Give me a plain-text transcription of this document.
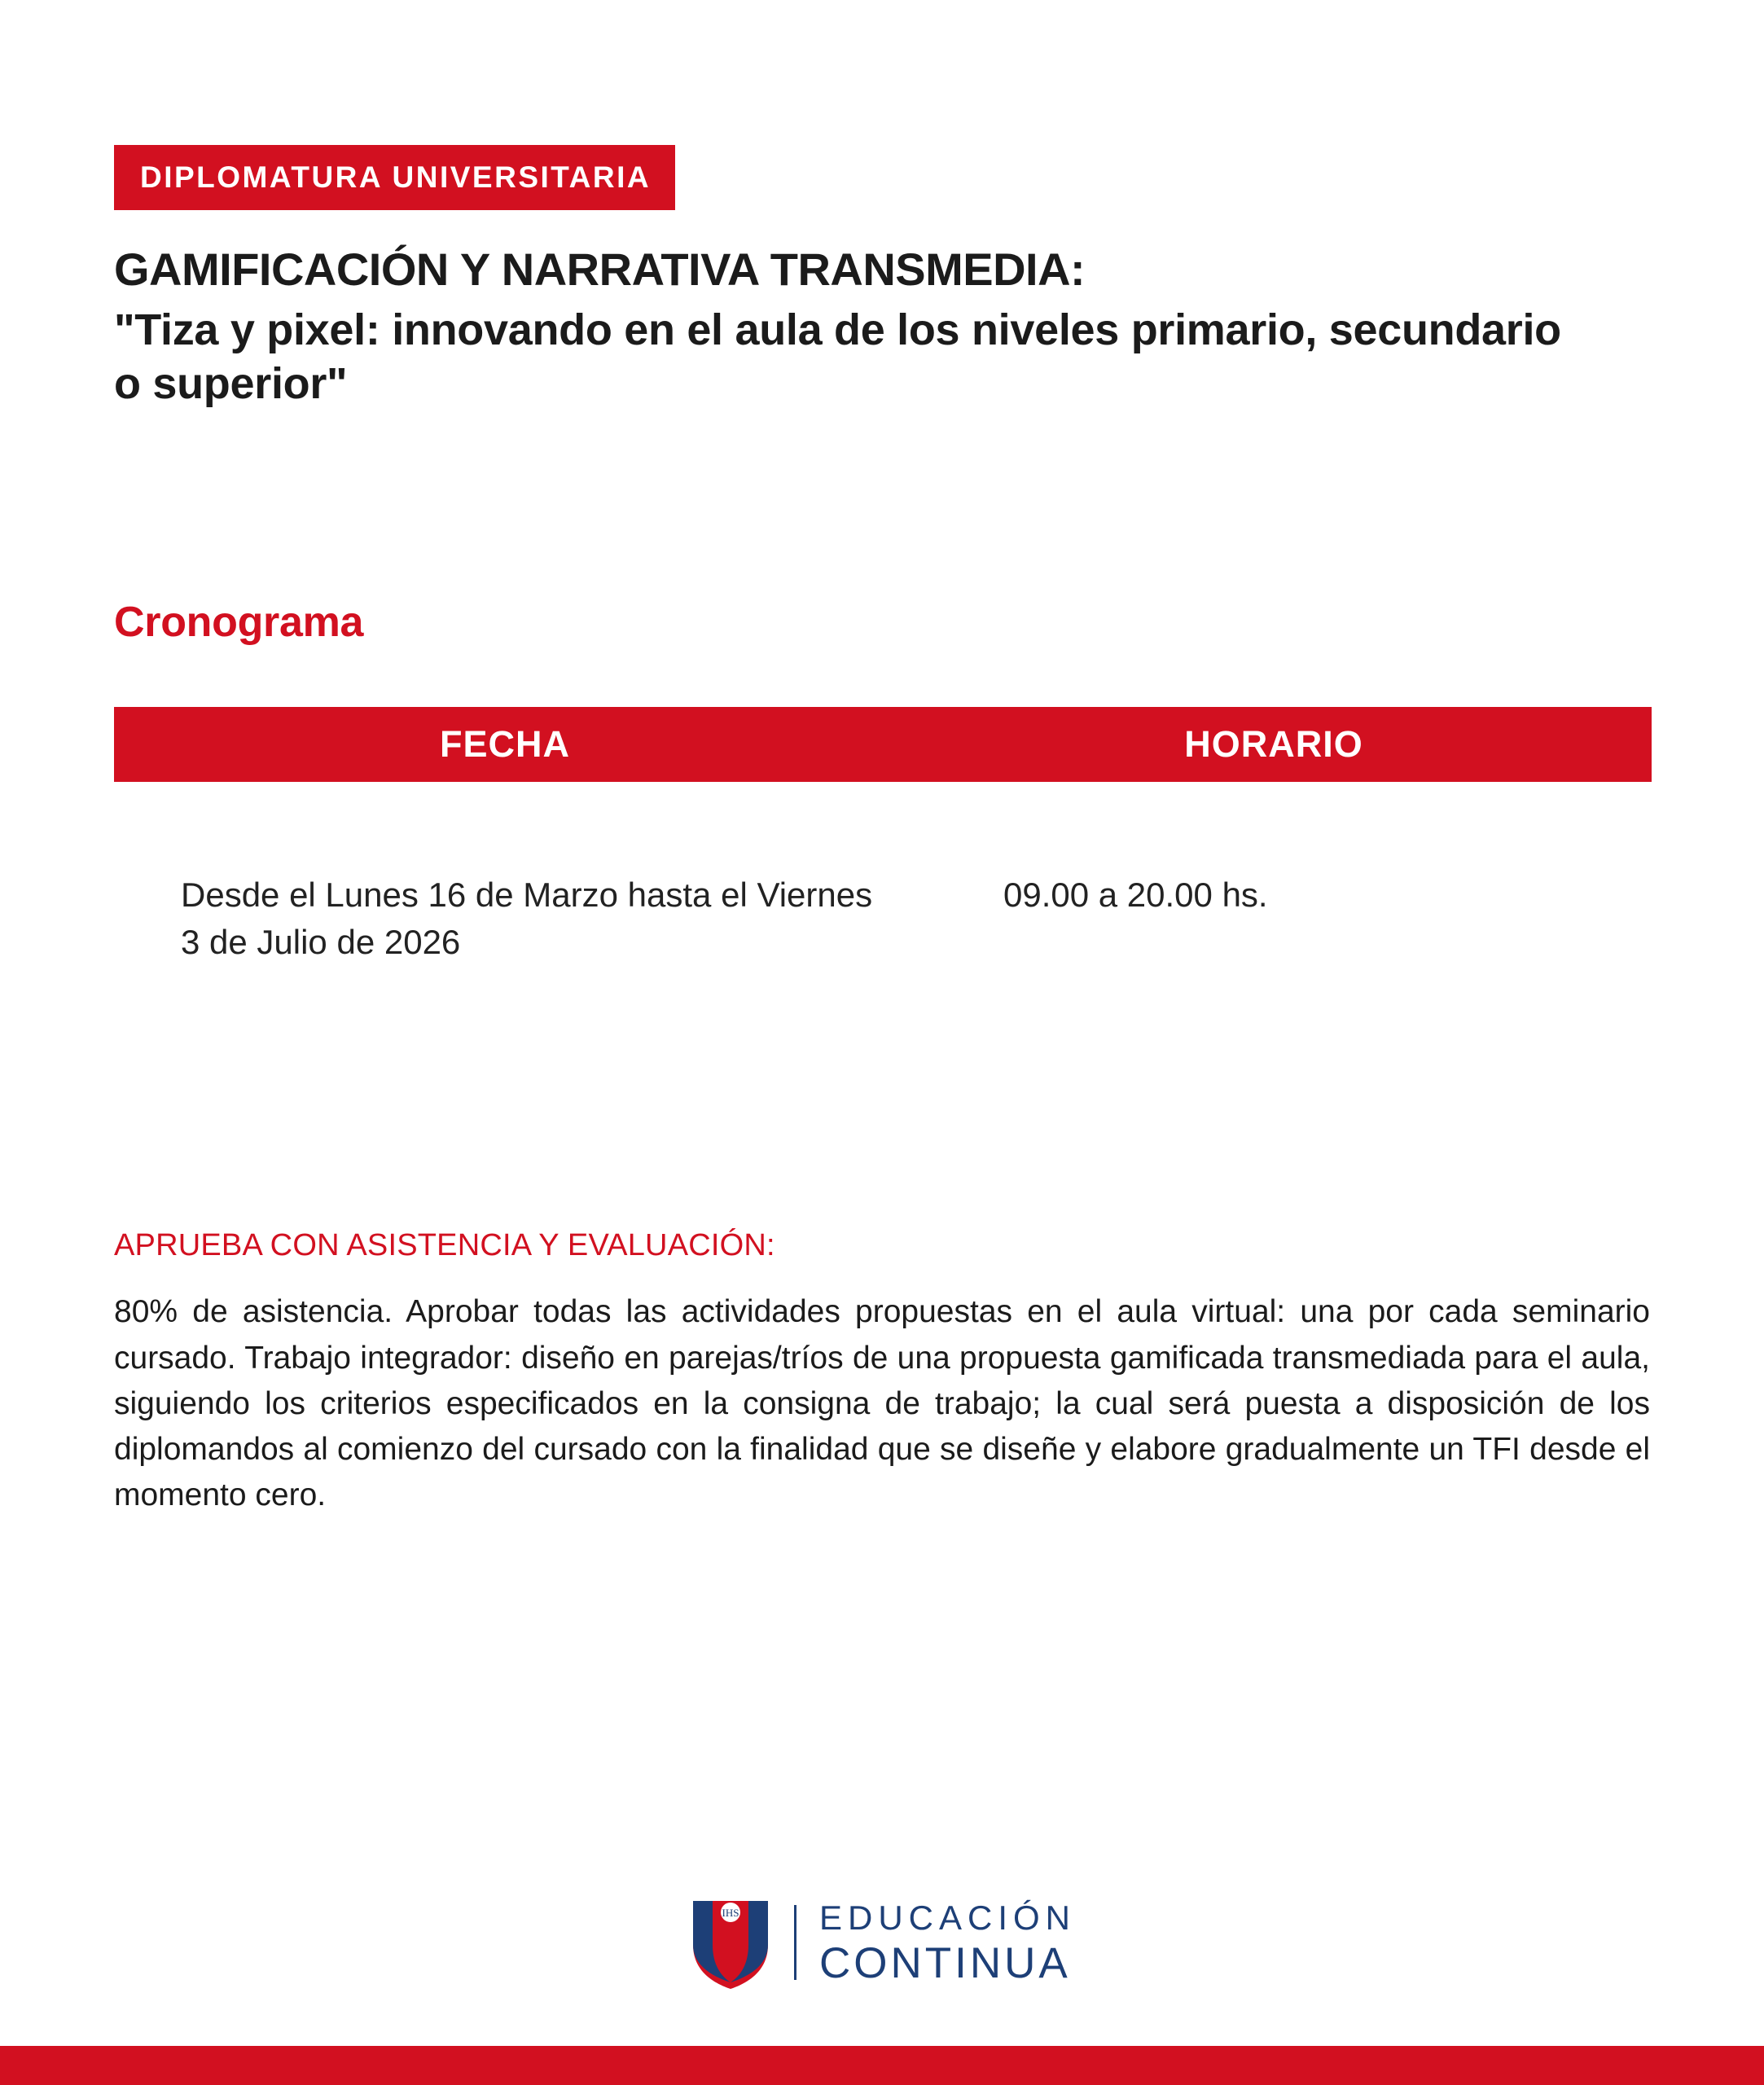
DIPLOMATURA UNIVERSITARIA
GAMIFICACIÓN Y NARRATIVA TRANSMEDIA:
"Tiza y pixel: innovando en el aula de los niveles primario, secundario o superior"
Cronograma
FECHA	HORARIO
Desde el Lunes 16 de Marzo hasta el Viernes 3 de Julio de 2026
09.00 a 20.00 hs.
APRUEBA CON ASISTENCIA Y EVALUACIÓN:

80% de asistencia. Aprobar todas las actividades propuestas en el aula virtual: una por cada seminario cursado. Trabajo integrador: diseño en parejas/tríos de una propuesta gamificada transmediada para el aula, siguiendo los criterios especificados en la consigna de trabajo; la cual será puesta a disposición de los diplomandos al comienzo del cursado con la finalidad que se diseñe y elabore gradualmente un TFI desde el momento cero.

IHS EDUCACIÓN
CONTINUA
